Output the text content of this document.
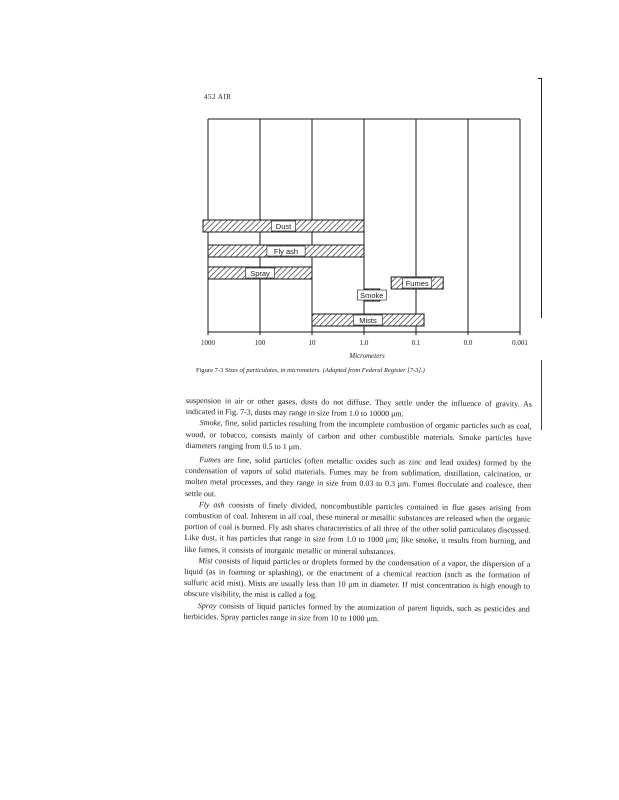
452 AIR
1000	100	10	1.0	0.1	0.0	0.001
Dust
Fly ash
Spray
Fumes
Smoke
Mists
Micrometers
Figure 7-3 Sizes of particulates, in micrometers. (Adapted from Federal Register [7-3].)

suspension in air or other gases, dusts do not diffuse. They settle under the influence of gravity. As indicated in Fig. 7-3, dusts may range in size from 1.0 to 10000 μm.

Smoke, fine, solid particles resulting from the incomplete combustion of organic particles such as coal, wood, or tobacco, consists mainly of carbon and other combustible materials. Smoke particles have diameters ranging from 0.5 to 1 μm.

Fumes are fine, solid particles (often metallic oxides such as zinc and lead oxides) formed by the condensation of vapors of solid materials. Fumes may be from sublimation, distillation, calcination, or molten metal processes, and they range in size from 0.03 to 0.3 μm. Fumes flocculate and coalesce, then settle out.

Fly ash consists of finely divided, noncombustible particles contained in flue gases arising from combustion of coal. Inherent in all coal, these mineral or metallic substances are released when the organic portion of coal is burned. Fly ash shares characteristics of all three of the other solid particulates discussed. Like dust, it has particles that range in size from 1.0 to 1000 μm; like smoke, it results from burning, and like fumes, it consists of inorganic metallic or mineral substances.

Mist consists of liquid particles or droplets formed by the condensation of a vapor, the dispersion of a liquid (as in foaming or splashing), or the enactment of a chemical reaction (such as the formation of sulfuric acid mist). Mists are usually less than 10 μm in diameter. If mist concentration is high enough to obscure visibility, the mist is called a fog.

Spray consists of liquid particles formed by the atomization of parent liquids, such as pesticides and herbicides. Spray particles range in size from 10 to 1000 μm.
